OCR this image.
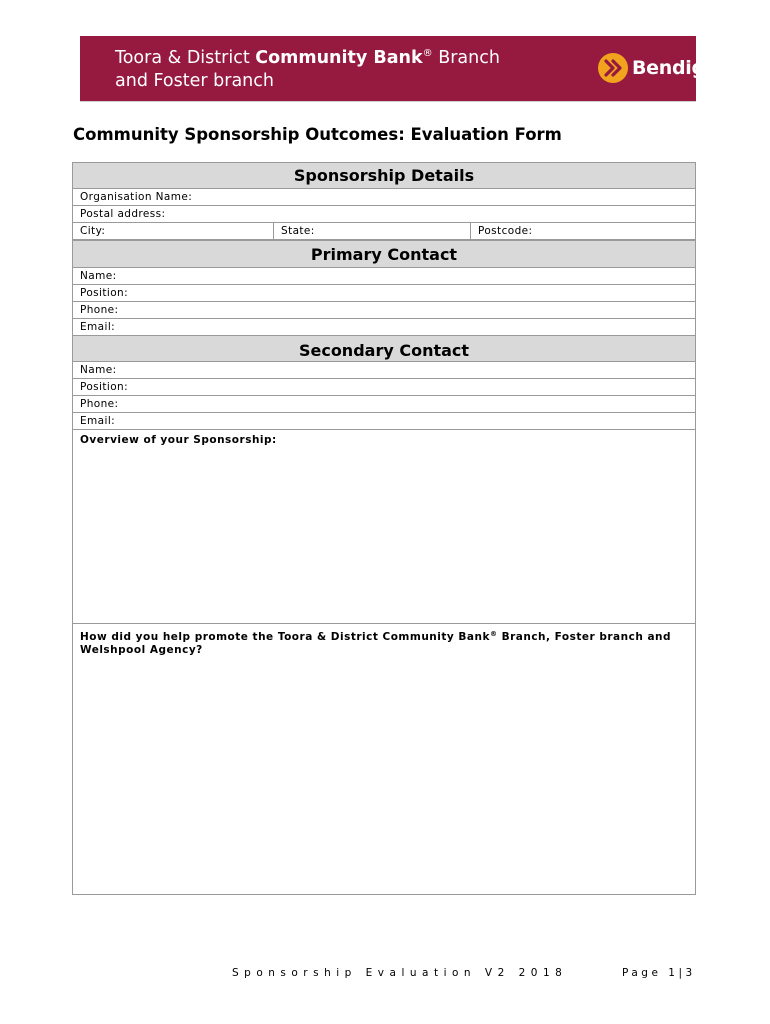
Toora & District Community Bank® Branch
and Foster branch
Bendig
Community Sponsorship Outcomes: Evaluation Form
Sponsorship Details
Organisation Name:
Postal address:
City:	State:	Postcode:
Primary Contact
Name:
Position:
Phone:
Email:
Secondary Contact
Name:
Position:
Phone:
Email:
Overview of your Sponsorship:
How did you help promote the Toora & District Community Bank® Branch, Foster branch and Welshpool Agency?
Sponsorship Evaluation V2 2018	Page 1|3
